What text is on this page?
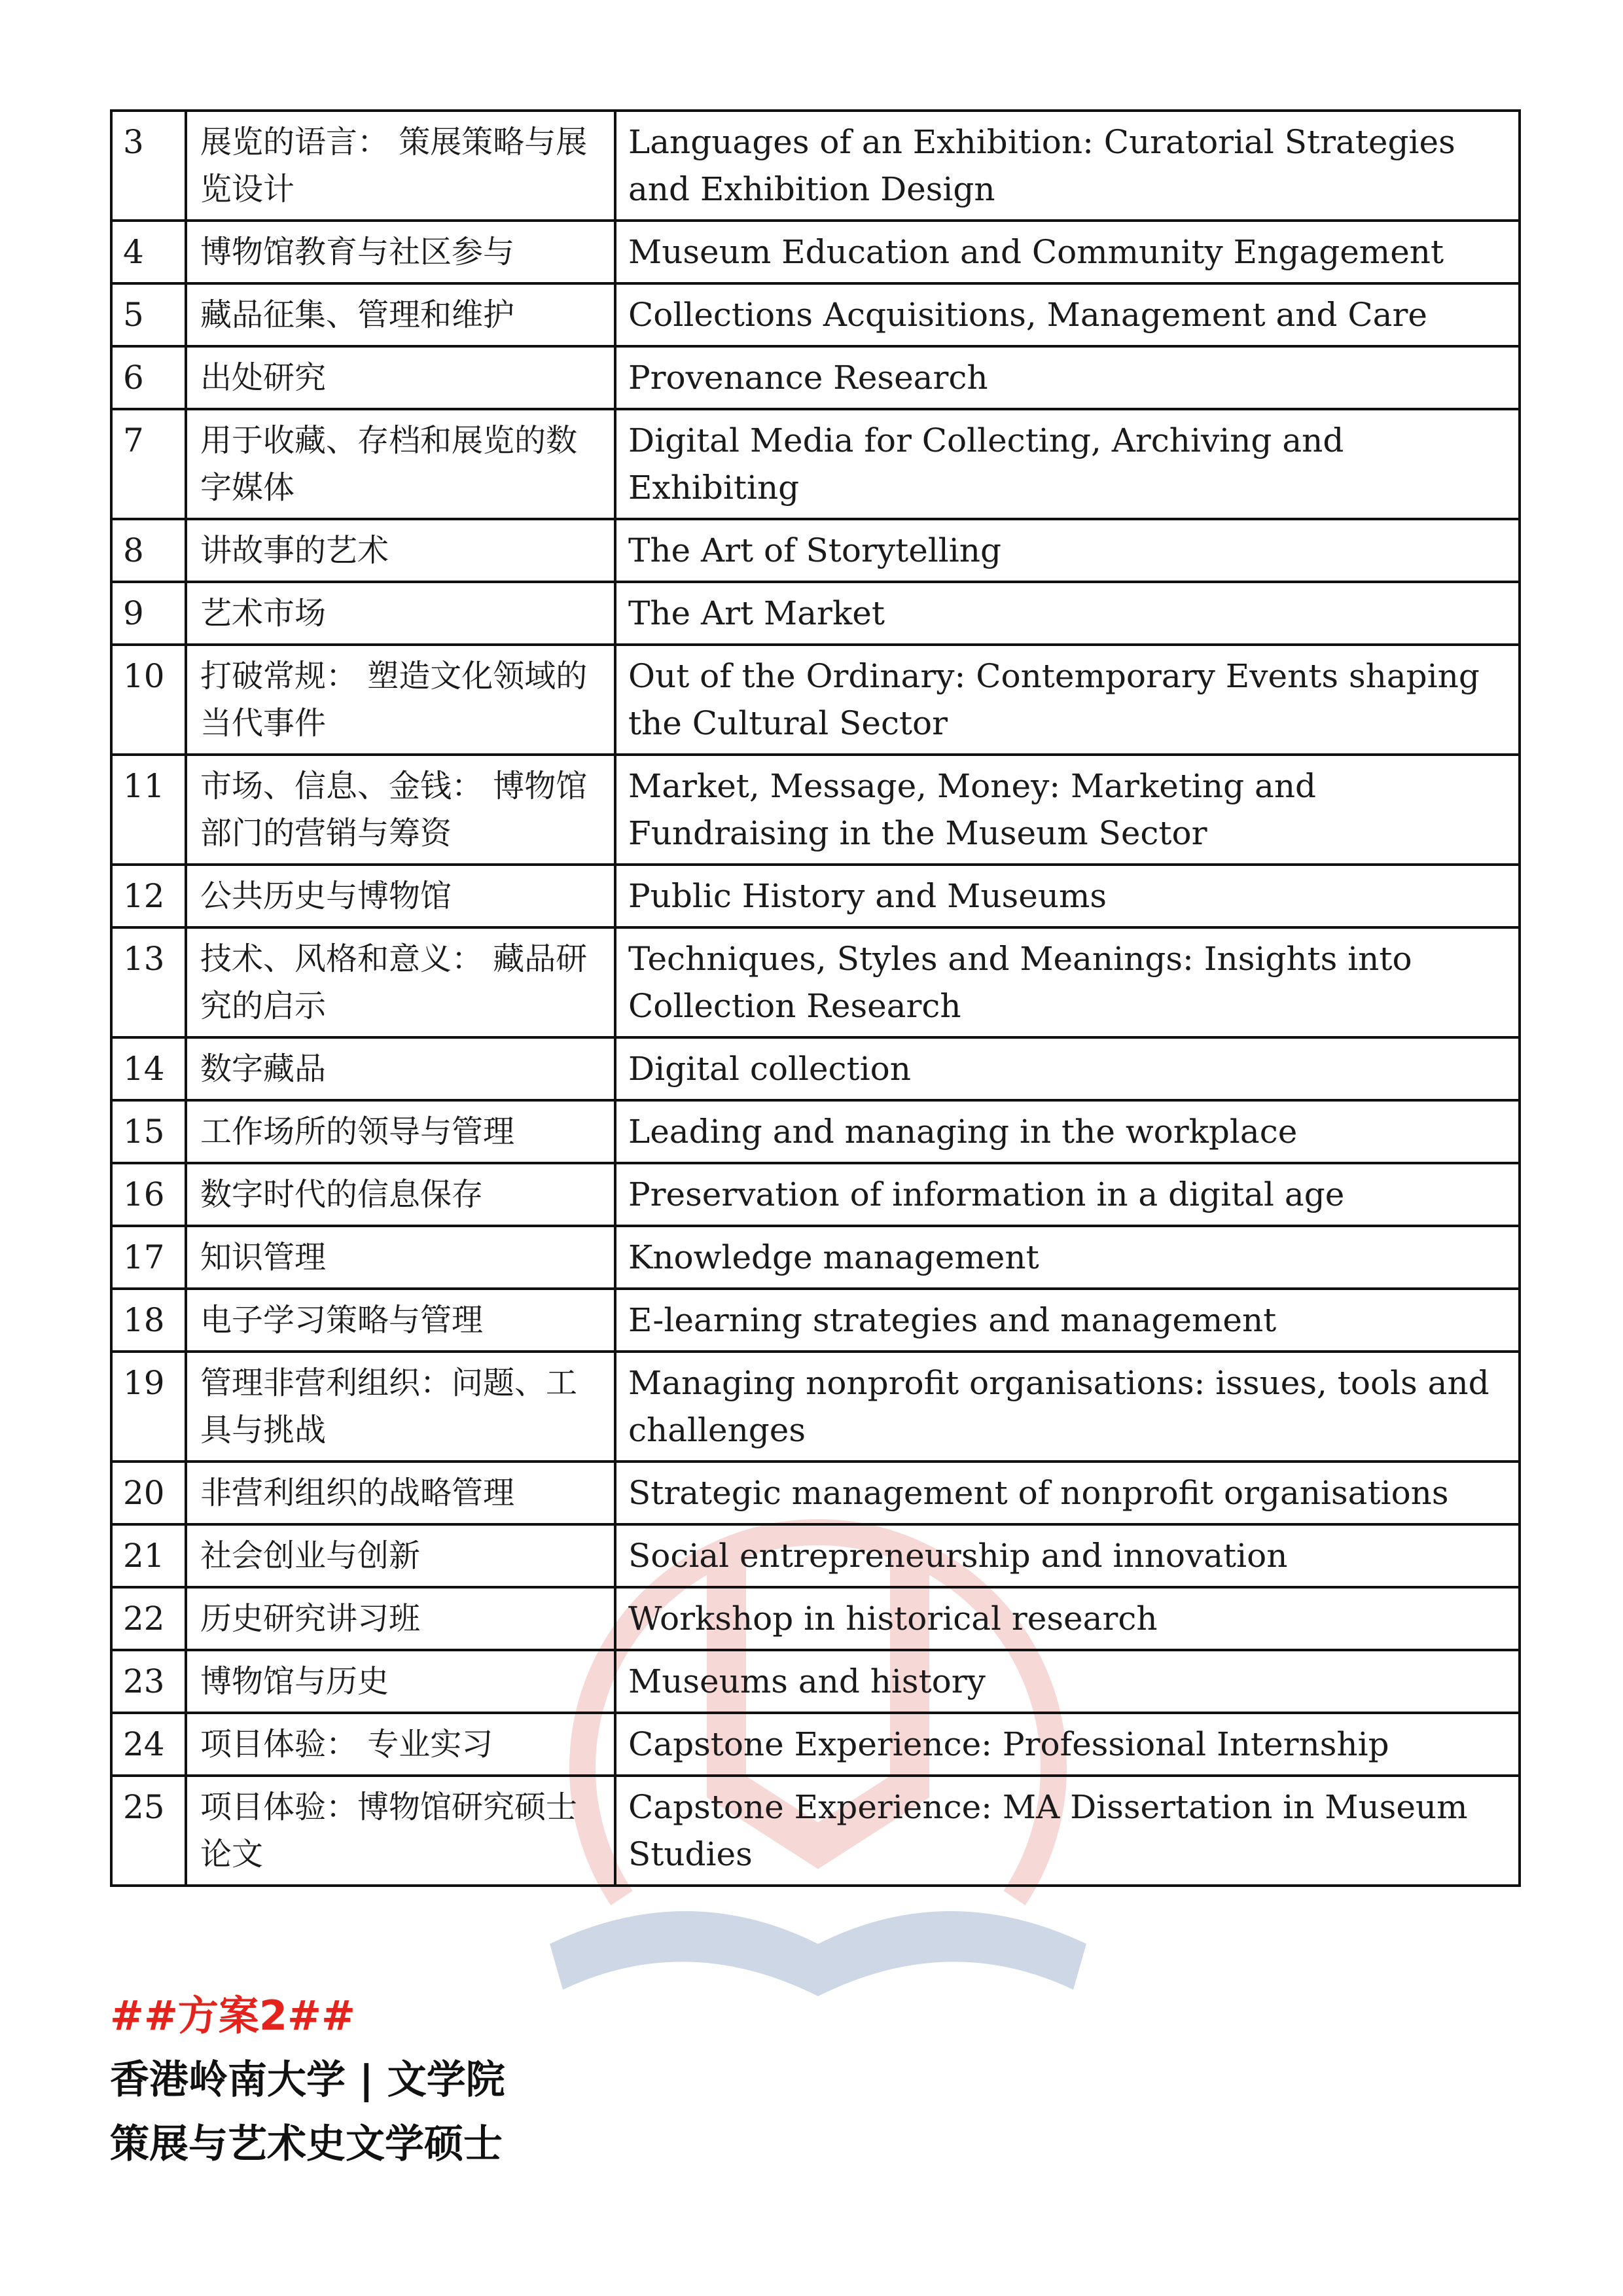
3	展览的语言： 策展策略与展览设计	Languages of an Exhibition: Curatorial Strategies and Exhibition Design
4	博物馆教育与社区参与	Museum Education and Community Engagement
5	藏品征集、管理和维护	Collections Acquisitions, Management and Care
6	出处研究	Provenance Research
7	用于收藏、存档和展览的数字媒体	Digital Media for Collecting, Archiving and Exhibiting
8	讲故事的艺术	The Art of Storytelling
9	艺术市场	The Art Market
10	打破常规： 塑造文化领域的当代事件	Out of the Ordinary: Contemporary Events shaping the Cultural Sector
11	市场、信息、金钱： 博物馆部门的营销与筹资	Market, Message, Money: Marketing and Fundraising in the Museum Sector
12	公共历史与博物馆	Public History and Museums
13	技术、风格和意义： 藏品研究的启示	Techniques, Styles and Meanings: Insights into Collection Research
14	数字藏品	Digital collection
15	工作场所的领导与管理	Leading and managing in the workplace
16	数字时代的信息保存	Preservation of information in a digital age
17	知识管理	Knowledge management
18	电子学习策略与管理	E-learning strategies and management
19	管理非营利组织：问题、工具与挑战	Managing nonprofit organisations: issues, tools and challenges
20	非营利组织的战略管理	Strategic management of nonprofit organisations
21	社会创业与创新	Social entrepreneurship and innovation
22	历史研究讲习班	Workshop in historical research
23	博物馆与历史	Museums and history
24	项目体验： 专业实习	Capstone Experience: Professional Internship
25	项目体验：博物馆研究硕士论文	Capstone Experience: MA Dissertation in Museum Studies
##方案2##
香港岭南大学 | 文学院
策展与艺术史文学硕士
